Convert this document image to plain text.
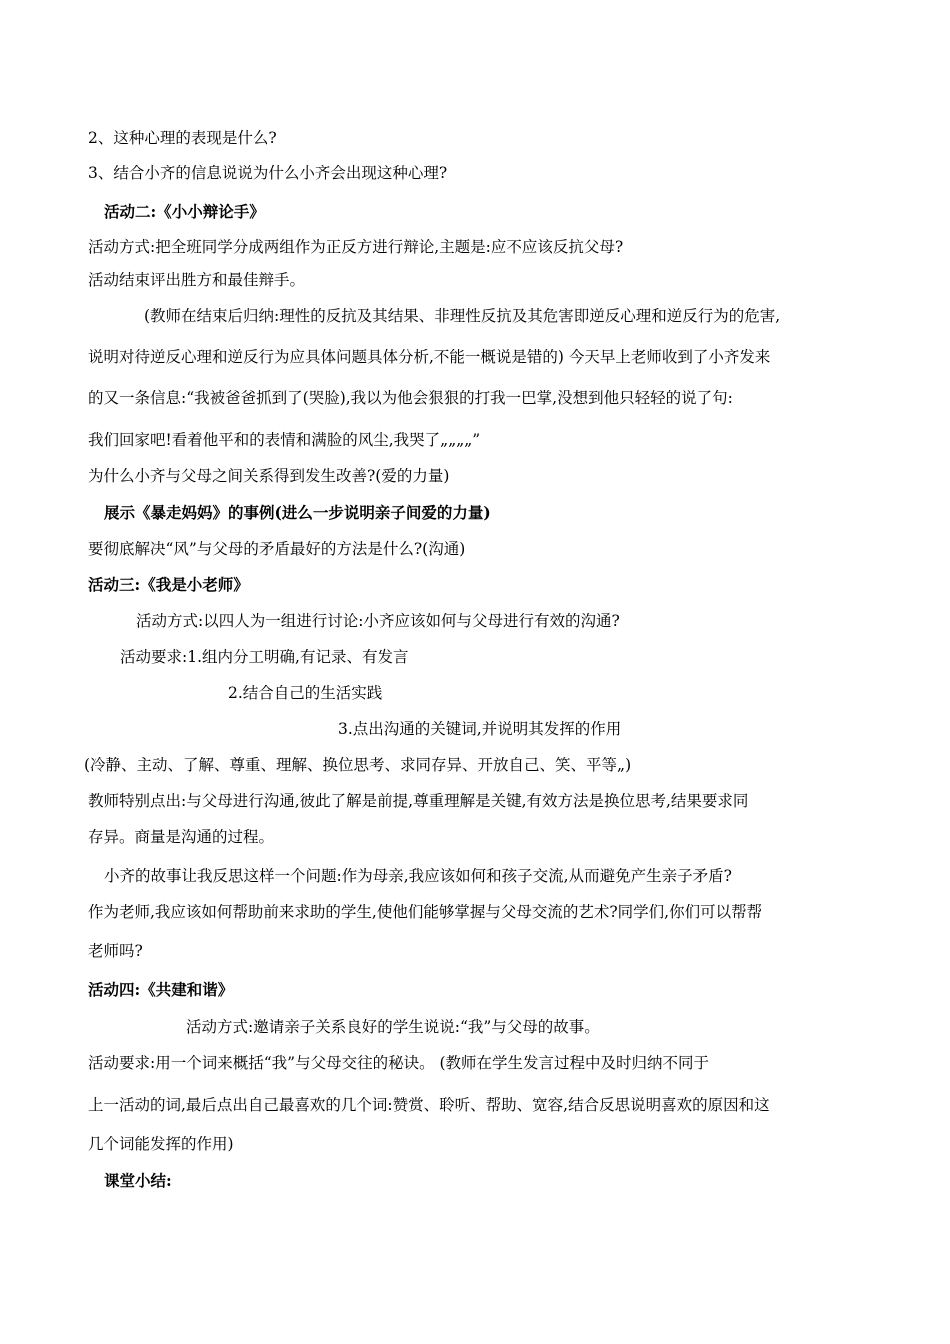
2、这种心理的表现是什么?
3、结合小齐的信息说说为什么小齐会出现这种心理?
活动二:《小小辩论手》
活动方式:把全班同学分成两组作为正反方进行辩论,主题是:应不应该反抗父母?
活动结束评出胜方和最佳辩手。
(教师在结束后归纳:理性的反抗及其结果、非理性反抗及其危害即逆反心理和逆反行为的危害,
说明对待逆反心理和逆反行为应具体问题具体分析,不能一概说是错的) 今天早上老师收到了小齐发来
的又一条信息:“我被爸爸抓到了(哭脸),我以为他会狠狠的打我一巴掌,没想到他只轻轻的说了句:
我们回家吧!看着他平和的表情和满脸的风尘,我哭了„„„„”
为什么小齐与父母之间关系得到发生改善?(爱的力量)
展示《暴走妈妈》的事例(进么一步说明亲子间爱的力量)
要彻底解决“风”与父母的矛盾最好的方法是什么?(沟通)
活动三:《我是小老师》
活动方式:以四人为一组进行讨论:小齐应该如何与父母进行有效的沟通?
活动要求:1.组内分工明确,有记录、有发言
2.结合自己的生活实践
3.点出沟通的关键词,并说明其发挥的作用
(冷静、主动、了解、尊重、理解、换位思考、求同存异、开放自己、笑、平等„)
教师特别点出:与父母进行沟通,彼此了解是前提,尊重理解是关键,有效方法是换位思考,结果要求同
存异。商量是沟通的过程。
小齐的故事让我反思这样一个问题:作为母亲,我应该如何和孩子交流,从而避免产生亲子矛盾?
作为老师,我应该如何帮助前来求助的学生,使他们能够掌握与父母交流的艺术?同学们,你们可以帮帮
老师吗?
活动四:《共建和谐》
活动方式:邀请亲子关系良好的学生说说:“我”与父母的故事。
活动要求:用一个词来概括“我”与父母交往的秘诀。 (教师在学生发言过程中及时归纳不同于
上一活动的词,最后点出自己最喜欢的几个词:赞赏、聆听、帮助、宽容,结合反思说明喜欢的原因和这
几个词能发挥的作用)
课堂小结:
